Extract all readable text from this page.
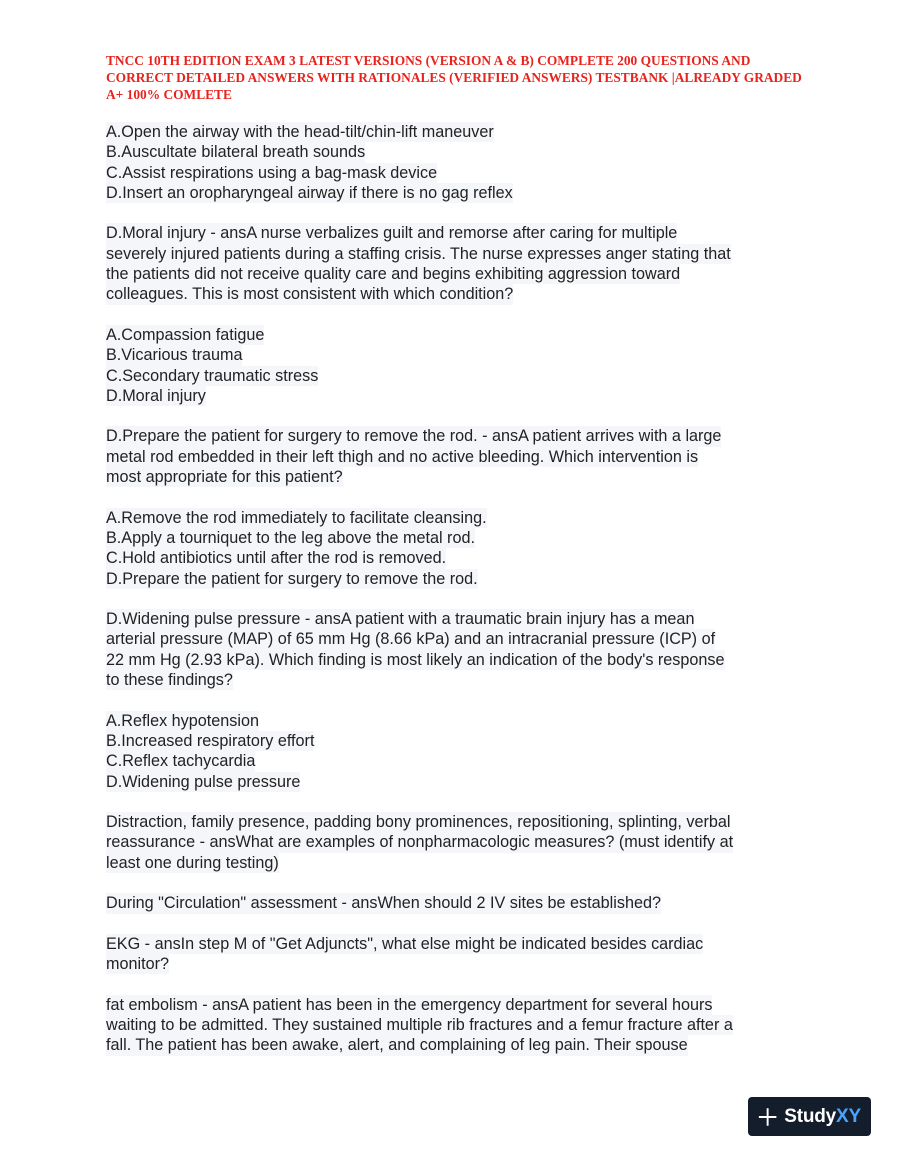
TNCC 10TH EDITION EXAM 3 LATEST VERSIONS (VERSION A & B) COMPLETE 200 QUESTIONS AND CORRECT DETAILED ANSWERS WITH RATIONALES (VERIFIED ANSWERS) TESTBANK |ALREADY GRADED A+ 100% COMLETE

A.Open the airway with the head-tilt/chin-lift maneuver
B.Auscultate bilateral breath sounds
C.Assist respirations using a bag-mask device
D.Insert an oropharyngeal airway if there is no gag reflex
D.Moral injury - ansA nurse verbalizes guilt and remorse after caring for multiple
severely injured patients during a staffing crisis. The nurse expresses anger stating that
the patients did not receive quality care and begins exhibiting aggression toward
colleagues. This is most consistent with which condition?
A.Compassion fatigue
B.Vicarious trauma
C.Secondary traumatic stress
D.Moral injury
D.Prepare the patient for surgery to remove the rod. - ansA patient arrives with a large
metal rod embedded in their left thigh and no active bleeding. Which intervention is
most appropriate for this patient?
A.Remove the rod immediately to facilitate cleansing.
B.Apply a tourniquet to the leg above the metal rod.
C.Hold antibiotics until after the rod is removed.
D.Prepare the patient for surgery to remove the rod.
D.Widening pulse pressure - ansA patient with a traumatic brain injury has a mean
arterial pressure (MAP) of 65 mm Hg (8.66 kPa) and an intracranial pressure (ICP) of
22 mm Hg (2.93 kPa). Which finding is most likely an indication of the body's response
to these findings?
A.Reflex hypotension
B.Increased respiratory effort
C.Reflex tachycardia
D.Widening pulse pressure
Distraction, family presence, padding bony prominences, repositioning, splinting, verbal
reassurance - ansWhat are examples of nonpharmacologic measures? (must identify at
least one during testing)
During "Circulation" assessment - ansWhen should 2 IV sites be established?
EKG - ansIn step M of "Get Adjuncts", what else might be indicated besides cardiac
monitor?
fat embolism - ansA patient has been in the emergency department for several hours
waiting to be admitted. They sustained multiple rib fractures and a femur fracture after a
fall. The patient has been awake, alert, and complaining of leg pain. Their spouse
StudyXY
